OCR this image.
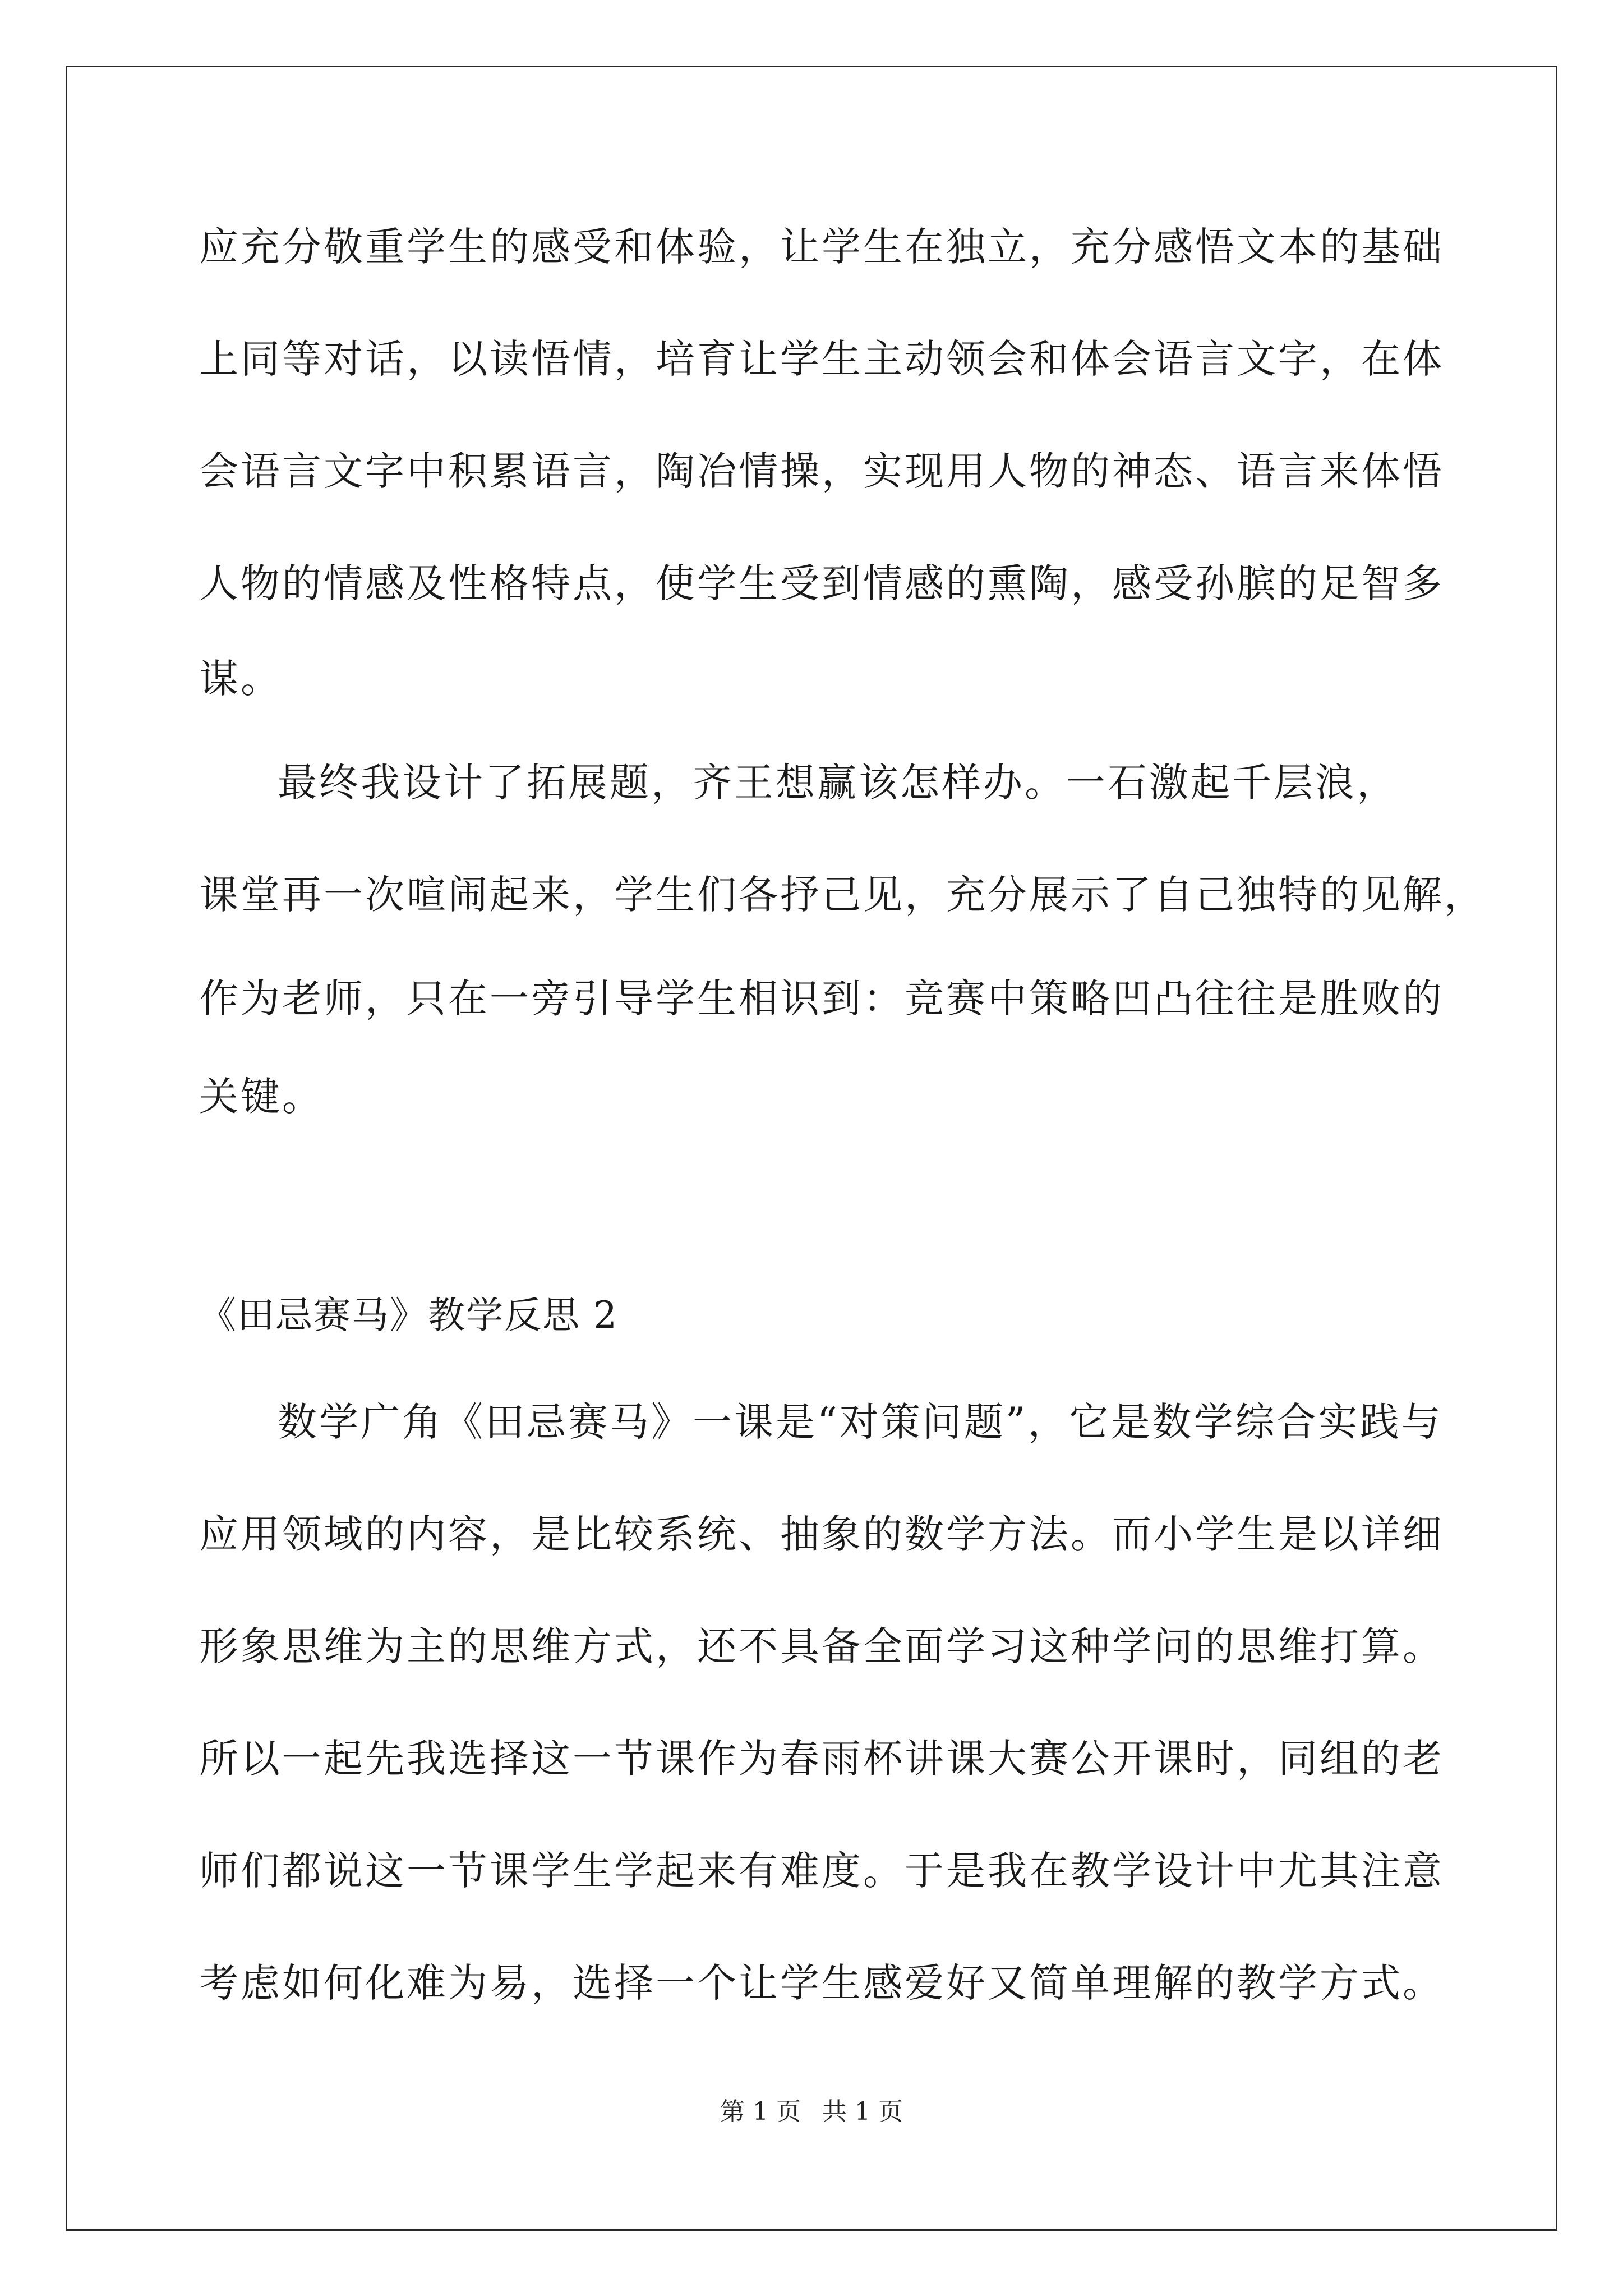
应充分敬重学生的感受和体验，让学生在独立，充分感悟文本的基础
上同等对话，以读悟情，培育让学生主动领会和体会语言文字，在体
会语言文字中积累语言，陶冶情操，实现用人物的神态、语言来体悟
人物的情感及性格特点，使学生受到情感的熏陶，感受孙膑的足智多
谋。
最终我设计了拓展题，齐王想赢该怎样办。一石激起千层浪，
课堂再一次喧闹起来，学生们各抒己见，充分展示了自己独特的见解，
作为老师，只在一旁引导学生相识到：竞赛中策略凹凸往往是胜败的
关键。
《田忌赛马》教学反思 2
数学广角《田忌赛马》一课是“对策问题”，它是数学综合实践与
应用领域的内容，是比较系统、抽象的数学方法。而小学生是以详细
形象思维为主的思维方式，还不具备全面学习这种学问的思维打算。
所以一起先我选择这一节课作为春雨杯讲课大赛公开课时，同组的老
师们都说这一节课学生学起来有难度。于是我在教学设计中尤其注意
考虑如何化难为易，选择一个让学生感爱好又简单理解的教学方式。
第 1 页 共 1 页
